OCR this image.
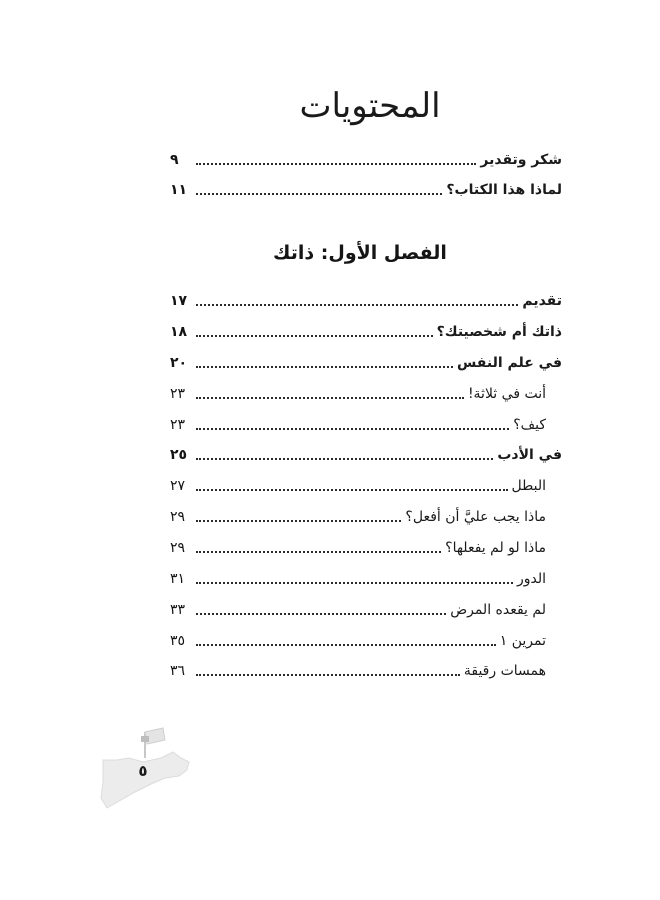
المحتويات
شكر وتقدير
٩
لماذا هذا الكتاب؟
١١
الفصل الأول: ذاتك
تقديم
١٧
ذاتك أم شخصيتك؟
١٨
في علم النفس
٢٠
أنت في ثلاثة!
٢٣
كيف؟
٢٣
في الأدب
٢٥
البطل
٢٧
ماذا يجب عليَّ أن أفعل؟
٢٩
ماذا لو لم يفعلها؟
٢٩
الدور
٣١
لم يقعده المرض
٣٣
تمرين ١
٣٥
همسات رقيقة
٣٦
٥
